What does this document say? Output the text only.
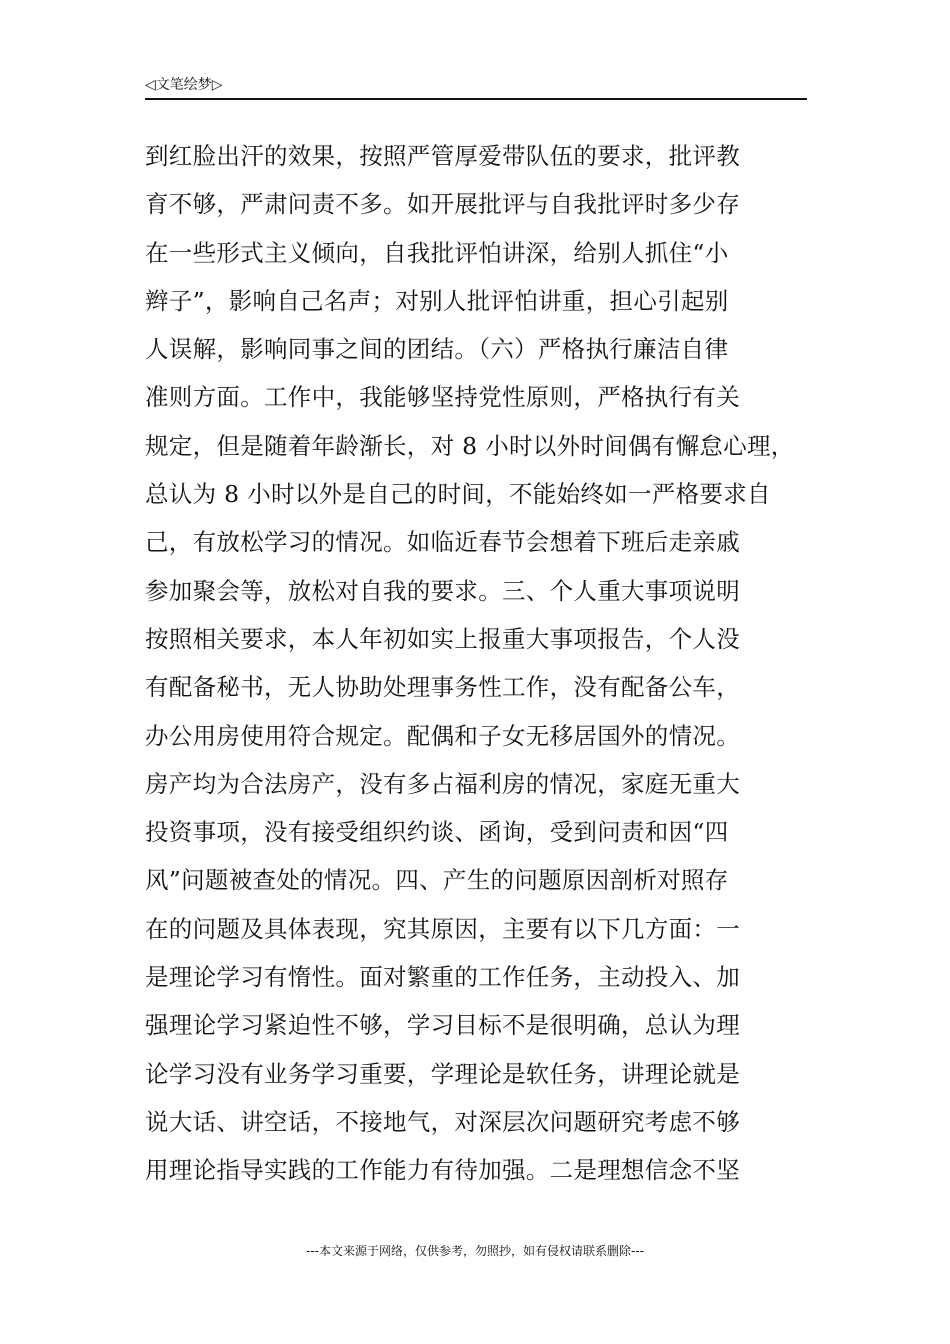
◁文笔绘梦▷
到红脸出汗的效果，按照严管厚爱带队伍的要求，批评教
育不够，严肃问责不多。如开展批评与自我批评时多少存
在一些形式主义倾向，自我批评怕讲深，给别人抓住“小
辫子”，影响自己名声；对别人批评怕讲重，担心引起别
人误解，影响同事之间的团结。（六）严格执行廉洁自律
准则方面。工作中，我能够坚持党性原则，严格执行有关
规定，但是随着年龄渐长，对 8 小时以外时间偶有懈怠心理，
总认为 8 小时以外是自己的时间，不能始终如一严格要求自
己，有放松学习的情况。如临近春节会想着下班后走亲戚
参加聚会等，放松对自我的要求。三、个人重大事项说明
按照相关要求，本人年初如实上报重大事项报告，个人没
有配备秘书，无人协助处理事务性工作，没有配备公车，
办公用房使用符合规定。配偶和子女无移居国外的情况。
房产均为合法房产，没有多占福利房的情况，家庭无重大
投资事项，没有接受组织约谈、函询，受到问责和因“四
风”问题被查处的情况。四、产生的问题原因剖析对照存
在的问题及具体表现，究其原因，主要有以下几方面：一
是理论学习有惰性。面对繁重的工作任务，主动投入、加
强理论学习紧迫性不够，学习目标不是很明确，总认为理
论学习没有业务学习重要，学理论是软任务，讲理论就是
说大话、讲空话，不接地气，对深层次问题研究考虑不够
用理论指导实践的工作能力有待加强。二是理想信念不坚
---本文来源于网络，仅供参考，勿照抄，如有侵权请联系删除---
